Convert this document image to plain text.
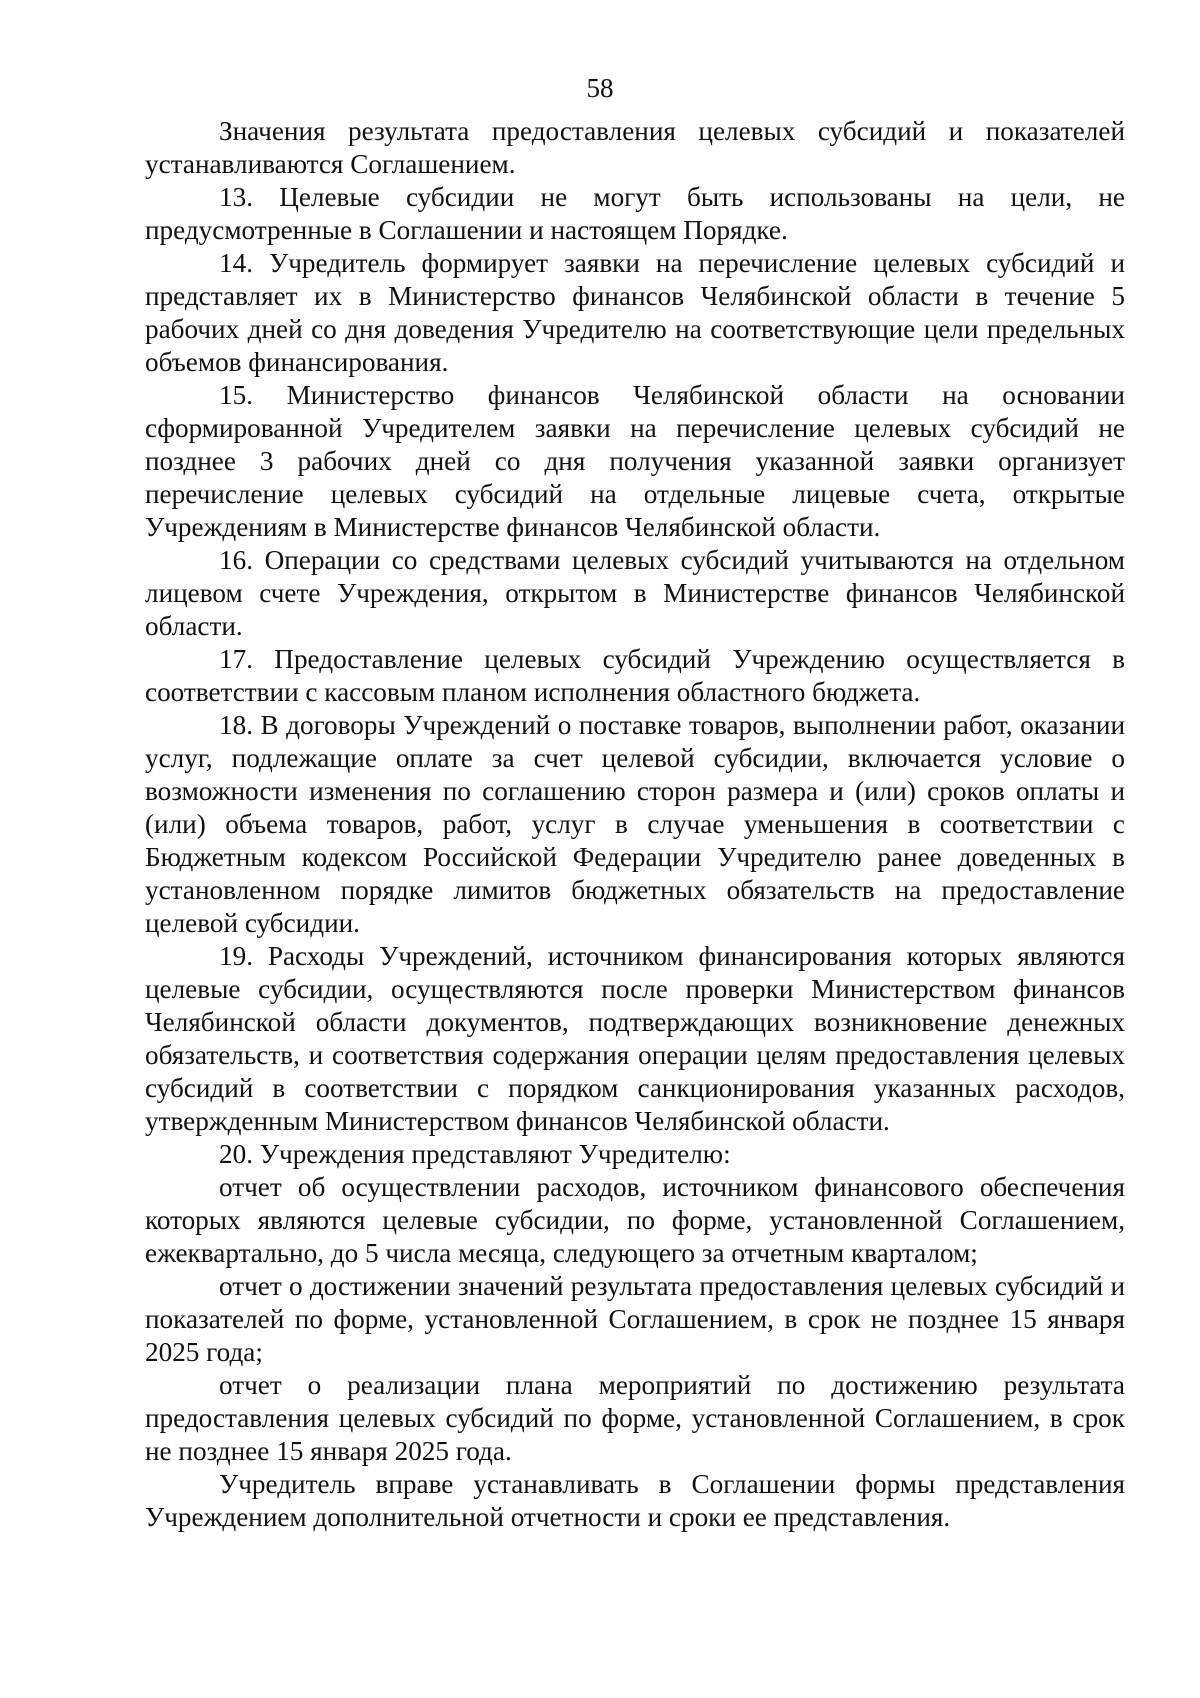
58

Значения результата предоставления целевых субсидий и показателей устанавливаются Соглашением.

13. Целевые субсидии не могут быть использованы на цели, не предусмотренные в Соглашении и настоящем Порядке.

14. Учредитель формирует заявки на перечисление целевых субсидий и представляет их в Министерство финансов Челябинской области в течение 5 рабочих дней со дня доведения Учредителю на соответствующие цели предельных объемов финансирования.

15. Министерство финансов Челябинской области на основании сформированной Учредителем заявки на перечисление целевых субсидий не позднее 3 рабочих дней со дня получения указанной заявки организует перечисление целевых субсидий на отдельные лицевые счета, открытые Учреждениям в Министерстве финансов Челябинской области.

16. Операции со средствами целевых субсидий учитываются на отдельном лицевом счете Учреждения, открытом в Министерстве финансов Челябинской области.

17. Предоставление целевых субсидий Учреждению осуществляется в соответствии с кассовым планом исполнения областного бюджета.

18. В договоры Учреждений о поставке товаров, выполнении работ, оказании услуг, подлежащие оплате за счет целевой субсидии, включается условие о возможности изменения по соглашению сторон размера и (или) сроков оплаты и (или) объема товаров, работ, услуг в случае уменьшения в соответствии с Бюджетным кодексом Российской Федерации Учредителю ранее доведенных в установленном порядке лимитов бюджетных обязательств на предоставление целевой субсидии.

19. Расходы Учреждений, источником финансирования которых являются целевые субсидии, осуществляются после проверки Министерством финансов Челябинской области документов, подтверждающих возникновение денежных обязательств, и соответствия содержания операции целям предоставления целевых субсидий в соответствии с порядком санкционирования указанных расходов, утвержденным Министерством финансов Челябинской области.

20. Учреждения представляют Учредителю:

отчет об осуществлении расходов, источником финансового обеспечения которых являются целевые субсидии, по форме, установленной Соглашением, ежеквартально, до 5 числа месяца, следующего за отчетным кварталом;

отчет о достижении значений результата предоставления целевых субсидий и показателей по форме, установленной Соглашением, в срок не позднее 15 января 2025 года;

отчет о реализации плана мероприятий по достижению результата предоставления целевых субсидий по форме, установленной Соглашением, в срок не позднее 15 января 2025 года.

Учредитель вправе устанавливать в Соглашении формы представления Учреждением дополнительной отчетности и сроки ее представления.
